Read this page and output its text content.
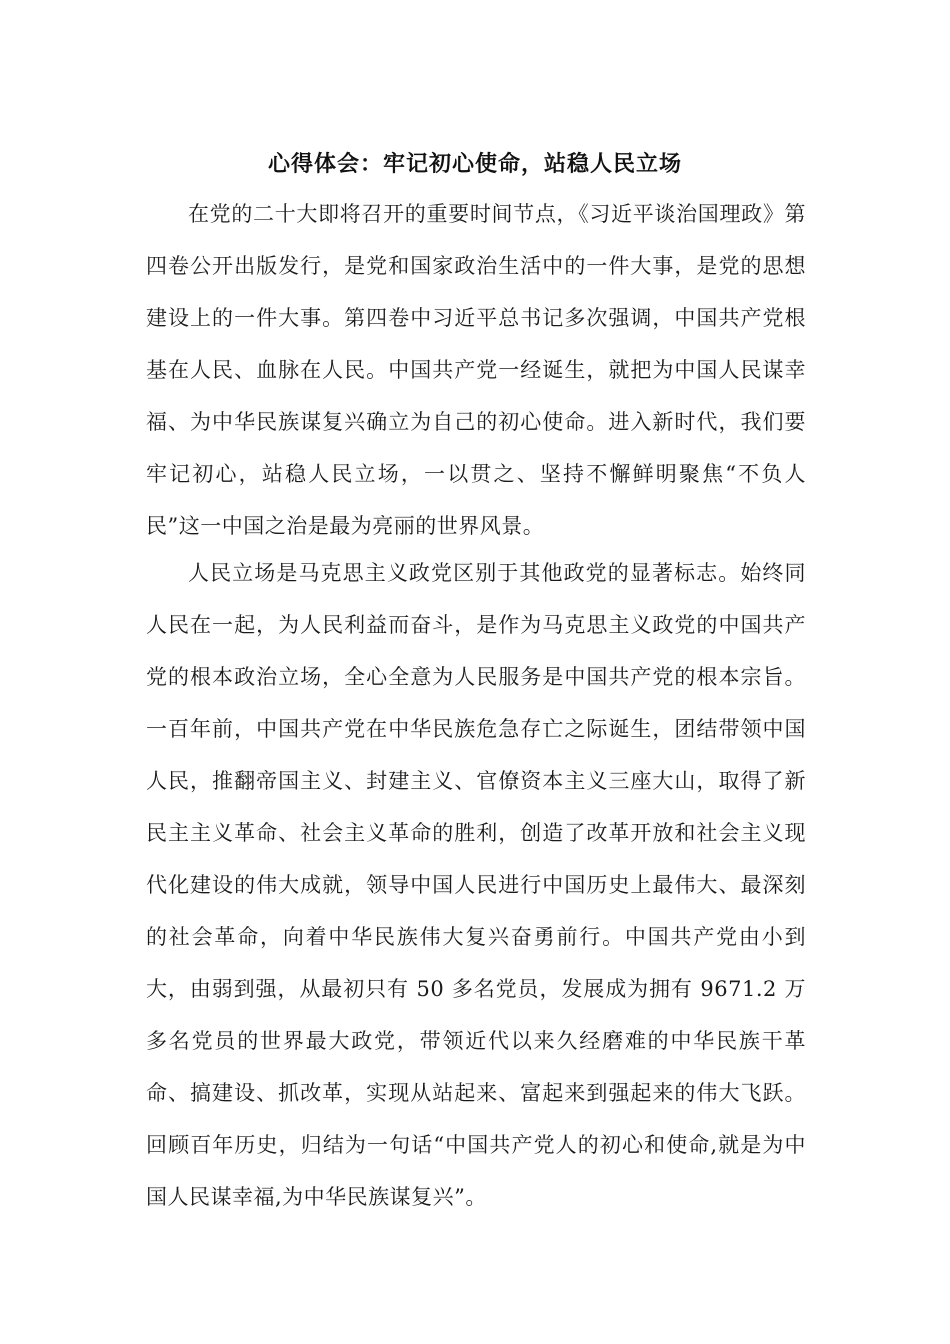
心得体会：牢记初心使命，站稳人民立场

在党的二十大即将召开的重要时间节点，《习近平谈治国理政》第四卷公开出版发行，是党和国家政治生活中的一件大事，是党的思想建设上的一件大事。第四卷中习近平总书记多次强调，中国共产党根基在人民、血脉在人民。中国共产党一经诞生，就把为中国人民谋幸福、为中华民族谋复兴确立为自己的初心使命。进入新时代，我们要牢记初心，站稳人民立场，一以贯之、坚持不懈鲜明聚焦“不负人民”这一中国之治是最为亮丽的世界风景。

人民立场是马克思主义政党区别于其他政党的显著标志。始终同人民在一起，为人民利益而奋斗，是作为马克思主义政党的中国共产党的根本政治立场，全心全意为人民服务是中国共产党的根本宗旨。一百年前，中国共产党在中华民族危急存亡之际诞生，团结带领中国人民，推翻帝国主义、封建主义、官僚资本主义三座大山，取得了新民主主义革命、社会主义革命的胜利，创造了改革开放和社会主义现代化建设的伟大成就，领导中国人民进行中国历史上最伟大、最深刻的社会革命，向着中华民族伟大复兴奋勇前行。中国共产党由小到大，由弱到强，从最初只有 50 多名党员，发展成为拥有 9671.2 万多名党员的世界最大政党，带领近代以来久经磨难的中华民族干革命、搞建设、抓改革，实现从站起来、富起来到强起来的伟大飞跃。回顾百年历史，归结为一句话“中国共产党人的初心和使命,就是为中国人民谋幸福,为中华民族谋复兴”。
